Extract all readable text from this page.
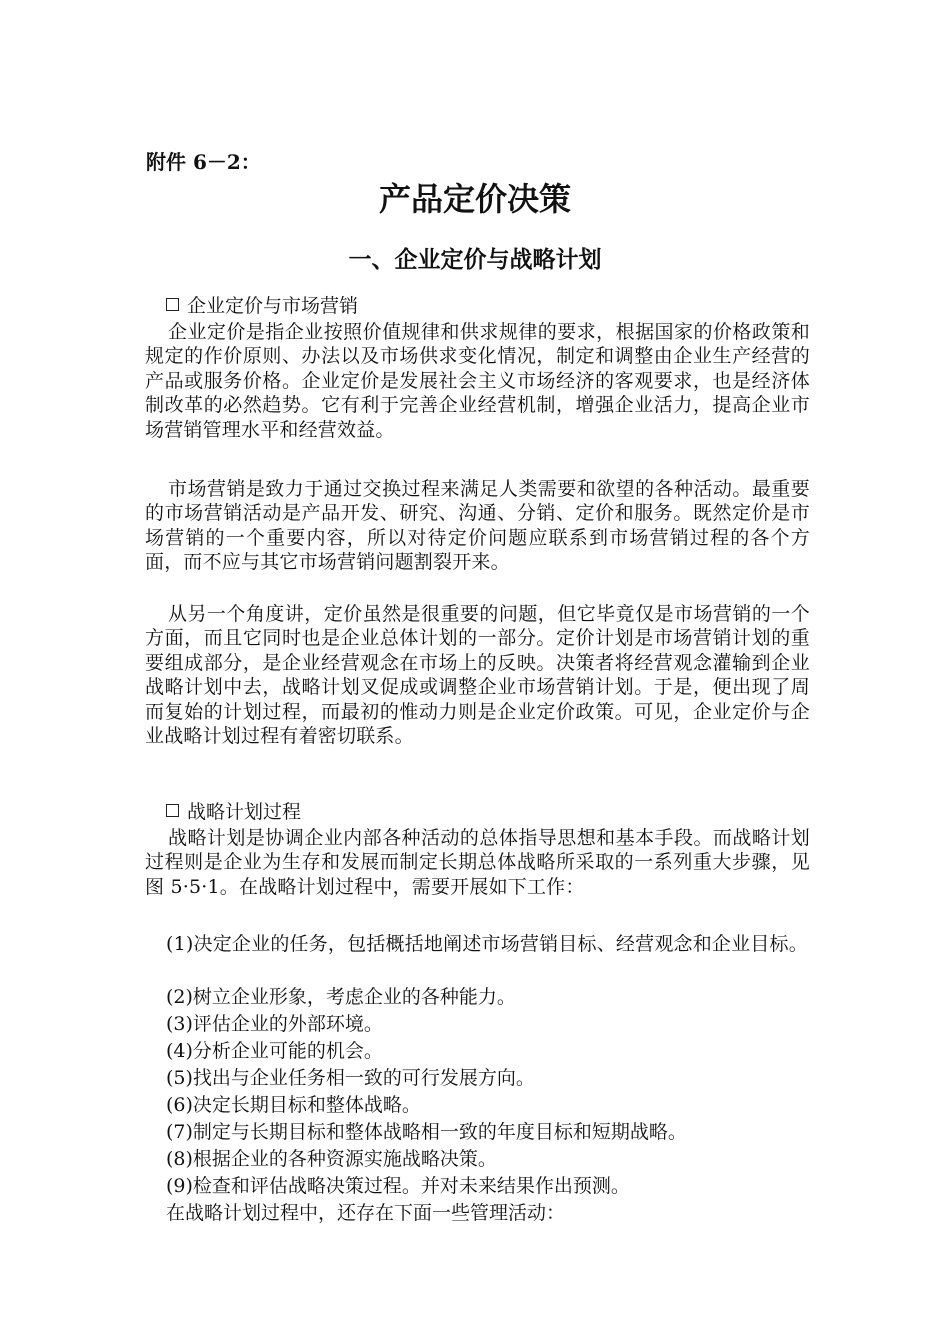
附件 6－2：
产品定价决策
一、企业定价与战略计划
企业定价与市场营销

企业定价是指企业按照价值规律和供求规律的要求，根据国家的价格政策和规定的作价原则、办法以及市场供求变化情况，制定和调整由企业生产经营的产品或服务价格。企业定价是发展社会主义市场经济的客观要求，也是经济体制改革的必然趋势。它有利于完善企业经营机制，增强企业活力，提高企业市场营销管理水平和经营效益。

市场营销是致力于通过交换过程来满足人类需要和欲望的各种活动。最重要的市场营销活动是产品开发、研究、沟通、分销、定价和服务。既然定价是市场营销的一个重要内容，所以对待定价问题应联系到市场营销过程的各个方面，而不应与其它市场营销问题割裂开来。

从另一个角度讲，定价虽然是很重要的问题，但它毕竟仅是市场营销的一个方面，而且它同时也是企业总体计划的一部分。定价计划是市场营销计划的重要组成部分，是企业经营观念在市场上的反映。决策者将经营观念灌输到企业战略计划中去，战略计划叉促成或调整企业市场营销计划。于是，便出现了周而复始的计划过程，而最初的惟动力则是企业定价政策。可见，企业定价与企业战略计划过程有着密切联系。

战略计划过程

战略计划是协调企业内部各种活动的总体指导思想和基本手段。而战略计划过程则是企业为生存和发展而制定长期总体战略所采取的一系列重大步骤，见图 5·5·1。在战略计划过程中，需要开展如下工作：

(1)决定企业的任务，包括概括地阐述市场营销目标、经营观念和企业目标。

(2)树立企业形象，考虑企业的各种能力。
(3)评估企业的外部环境。
(4)分析企业可能的机会。
(5)找出与企业任务相一致的可行发展方向。
(6)决定长期目标和整体战略。
(7)制定与长期目标和整体战略相一致的年度目标和短期战略。
(8)根据企业的各种资源实施战略决策。
(9)检查和评估战略决策过程。并对未来结果作出预测。
在战略计划过程中，还存在下面一些管理活动：
